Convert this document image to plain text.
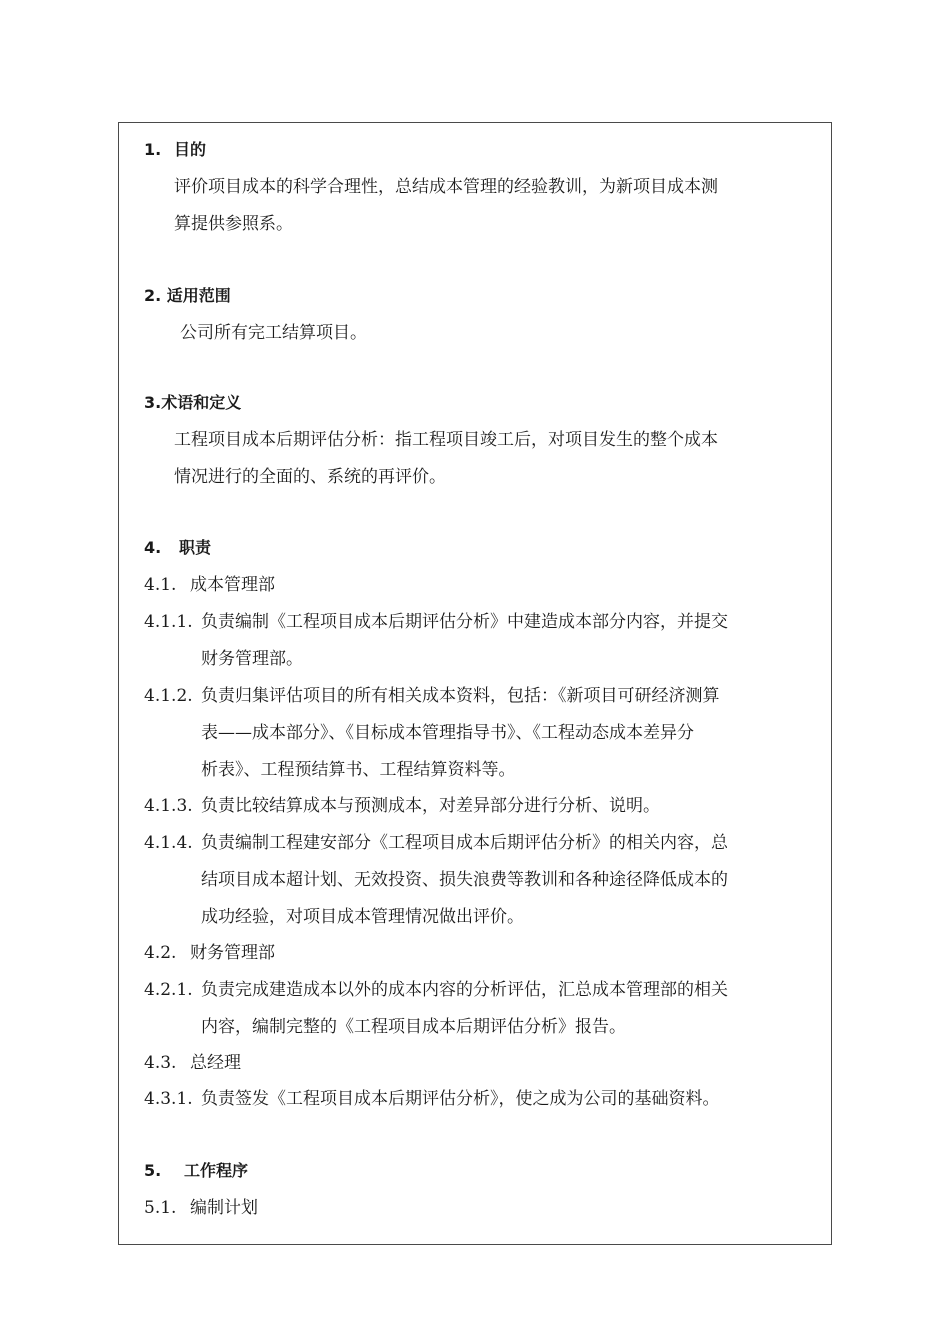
1. 目的
评价项目成本的科学合理性，总结成本管理的经验教训，为新项目成本测
算提供参照系。
2. 适用范围
公司所有完工结算项目。
3.术语和定义
工程项目成本后期评估分析：指工程项目竣工后，对项目发生的整个成本
情况进行的全面的、系统的再评价。
4. 职责
4.1. 成本管理部
4.1.1. 负责编制《工程项目成本后期评估分析》中建造成本部分内容，并提交
财务管理部。
4.1.2. 负责归集评估项目的所有相关成本资料，包括：《新项目可研经济测算
表——成本部分》、《目标成本管理指导书》、《工程动态成本差异分
析表》、工程预结算书、工程结算资料等。
4.1.3. 负责比较结算成本与预测成本，对差异部分进行分析、说明。
4.1.4. 负责编制工程建安部分《工程项目成本后期评估分析》的相关内容，总
结项目成本超计划、无效投资、损失浪费等教训和各种途径降低成本的
成功经验，对项目成本管理情况做出评价。
4.2. 财务管理部
4.2.1. 负责完成建造成本以外的成本内容的分析评估，汇总成本管理部的相关
内容，编制完整的《工程项目成本后期评估分析》报告。
4.3. 总经理
4.3.1. 负责签发《工程项目成本后期评估分析》，使之成为公司的基础资料。
5. 工作程序
5.1. 编制计划
